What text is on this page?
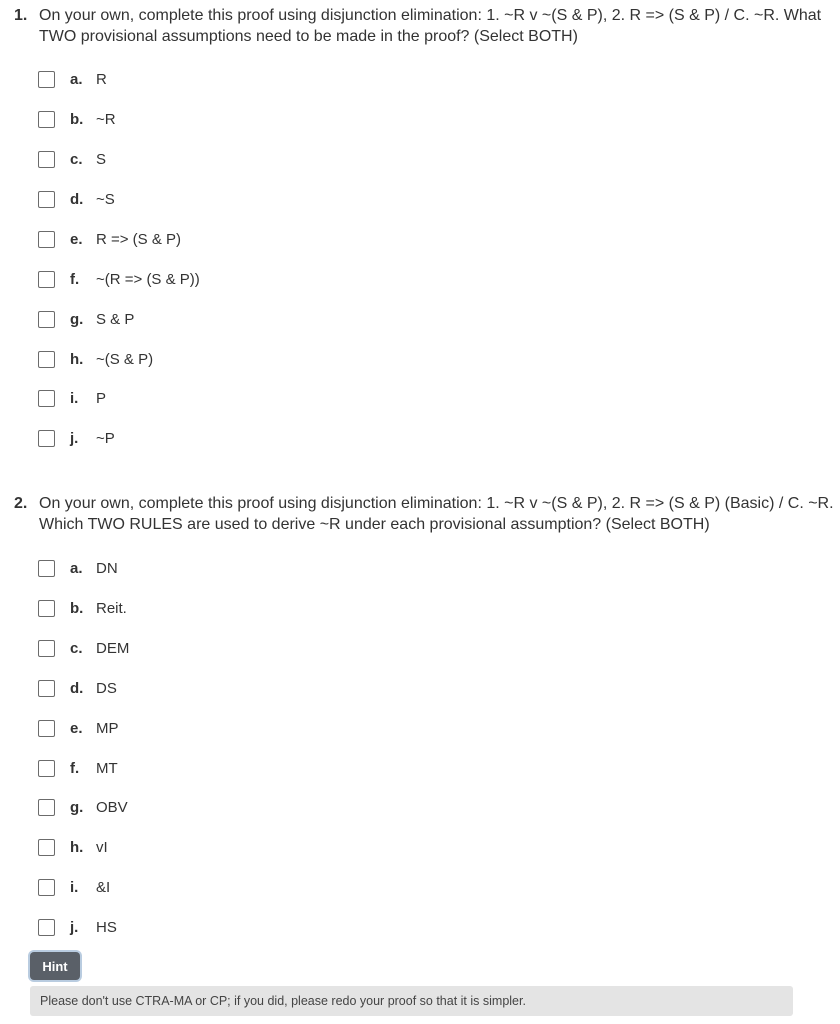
1. On your own, complete this proof using disjunction elimination: 1. ~R v ~(S & P), 2. R => (S & P) / C. ~R. What TWO provisional assumptions need to be made in the proof? (Select BOTH)
a. R
b. ~R
c. S
d. ~S
e. R => (S & P)
f.	~(R => (S & P))
g. S & P
h. ~(S & P)
i.	P
j.	~P
2. On your own, complete this proof using disjunction elimination: 1. ~R v ~(S & P), 2. R => (S & P) (Basic) / C. ~R. Which TWO RULES are used to derive ~R under each provisional assumption? (Select BOTH)
a. DN
b. Reit.
c. DEM
d. DS
e. MP
f.	MT
g. OBV
h. vI
i.	&I
j.	HS
Hint
Please don't use CTRA-MA or CP; if you did, please redo your proof so that it is simpler.
